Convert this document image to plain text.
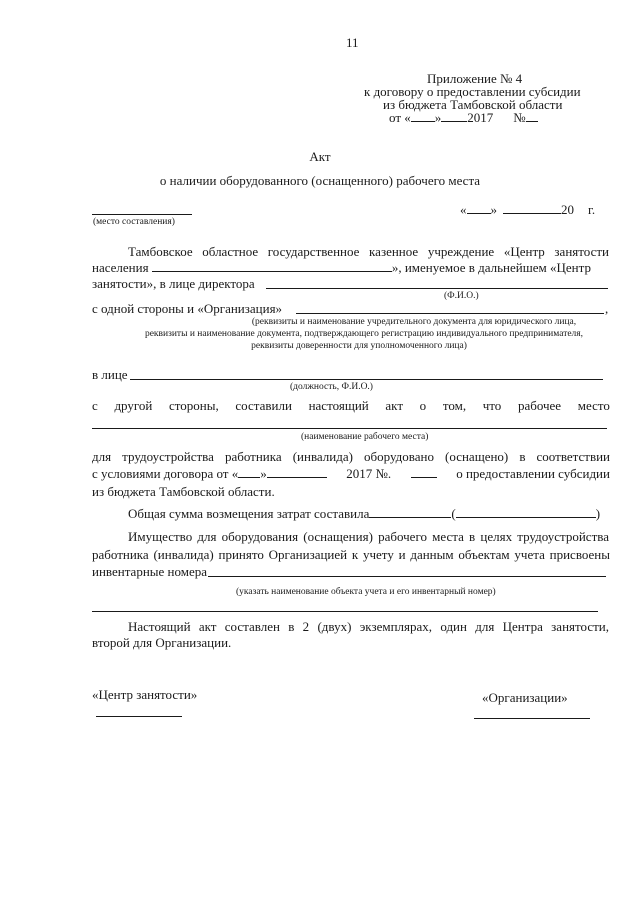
11
Приложение № 4
к договору о предоставлении субсидии
из бюджета Тамбовской области
от « » 2017 №
Акт
о наличии оборудованного (оснащенного) рабочего места
(место составления)
« »	20 г.
Тамбовское областное государственное казенное учреждение «Центр занятости
населения	», именуемое в дальнейшем «Центр
занятости», в лице директора
(Ф.И.О.)
с одной стороны и «Организация»	,
(реквизиты и наименование учредительного документа для юридического лица,
реквизиты и наименование документа, подтверждающего регистрацию индивидуального предпринимателя,
реквизиты доверенности для уполномоченного лица)
в лице
(должность, Ф.И.О.)
с другой стороны, составили настоящий акт о том, что рабочее место
(наименование рабочего места)
для трудоустройства работника (инвалида) оборудовано (оснащено) в соответствии
с условиями договора от « »	2017 №.	о предоставлении субсидии
из бюджета Тамбовской области.
Общая сумма возмещения затрат составила	(	)
Имущество для оборудования (оснащения) рабочего места в целях трудоустройства
работника (инвалида) принято Организацией к учету и данным объектам учета присвоены
инвентарные номера
(указать наименование объекта учета и его инвентарный номер)
Настоящий акт составлен в 2 (двух) экземплярах, один для Центра занятости,
второй для Организации.
«Центр занятости»	«Организации»
